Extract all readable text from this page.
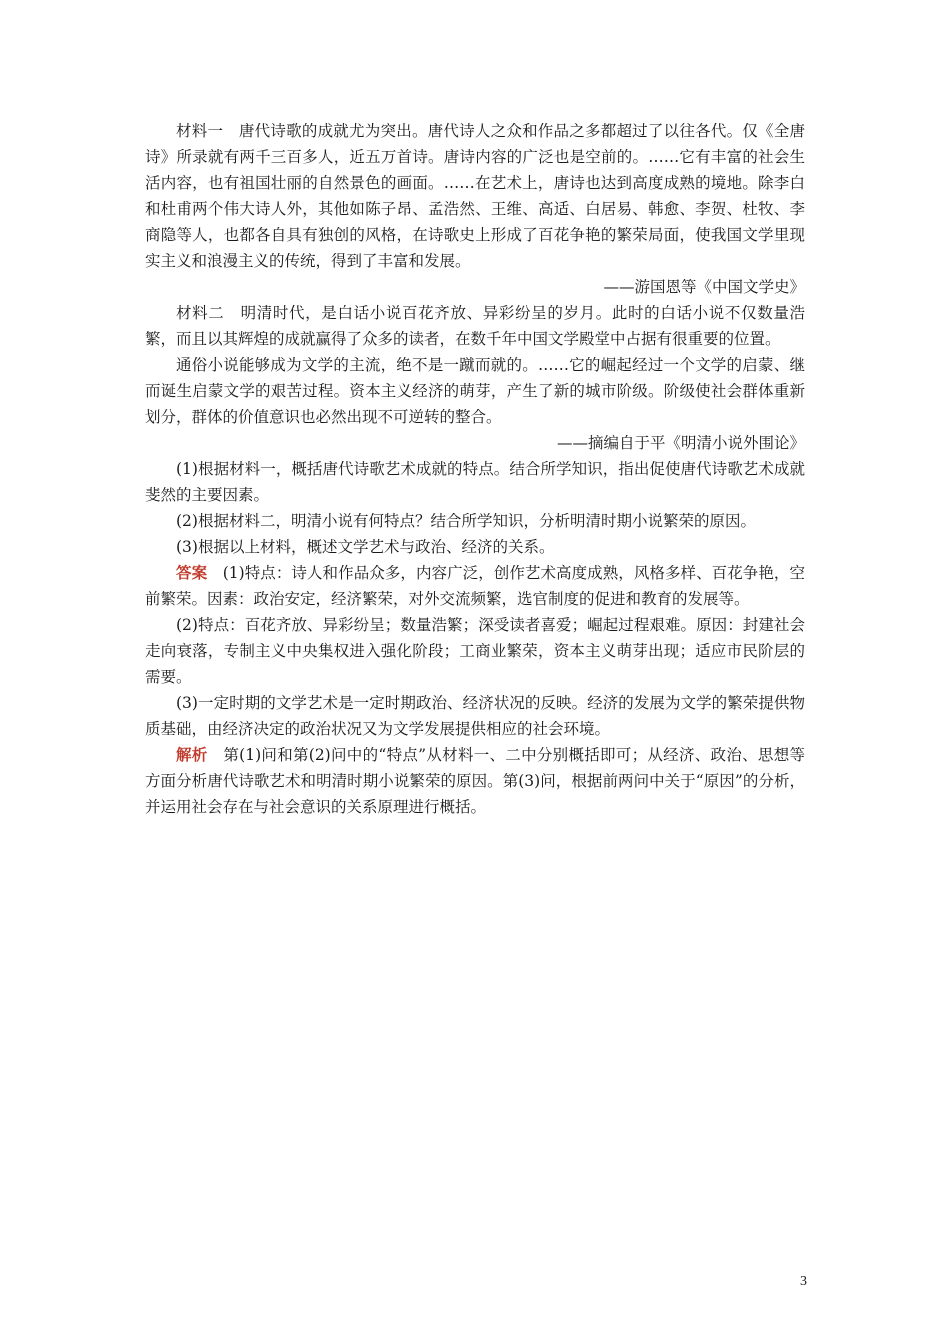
材料一　唐代诗歌的成就尤为突出。唐代诗人之众和作品之多都超过了以往各代。仅《全唐诗》所录就有两千三百多人，近五万首诗。唐诗内容的广泛也是空前的。……它有丰富的社会生活内容，也有祖国壮丽的自然景色的画面。……在艺术上，唐诗也达到高度成熟的境地。除李白和杜甫两个伟大诗人外，其他如陈子昂、孟浩然、王维、高适、白居易、韩愈、李贺、杜牧、李商隐等人，也都各自具有独创的风格，在诗歌史上形成了百花争艳的繁荣局面，使我国文学里现实主义和浪漫主义的传统，得到了丰富和发展。

——游国恩等《中国文学史》

材料二　明清时代，是白话小说百花齐放、异彩纷呈的岁月。此时的白话小说不仅数量浩繁，而且以其辉煌的成就赢得了众多的读者，在数千年中国文学殿堂中占据有很重要的位置。

通俗小说能够成为文学的主流，绝不是一蹴而就的。……它的崛起经过一个文学的启蒙、继而诞生启蒙文学的艰苦过程。资本主义经济的萌芽，产生了新的城市阶级。阶级使社会群体重新划分，群体的价值意识也必然出现不可逆转的整合。

——摘编自于平《明清小说外围论》

(1)根据材料一，概括唐代诗歌艺术成就的特点。结合所学知识，指出促使唐代诗歌艺术成就斐然的主要因素。

(2)根据材料二，明清小说有何特点？结合所学知识，分析明清时期小说繁荣的原因。

(3)根据以上材料，概述文学艺术与政治、经济的关系。

答案　 (1)特点：诗人和作品众多，内容广泛，创作艺术高度成熟，风格多样、百花争艳，空前繁荣。因素：政治安定，经济繁荣，对外交流频繁，选官制度的促进和教育的发展等。

(2)特点：百花齐放、异彩纷呈；数量浩繁；深受读者喜爱；崛起过程艰难。原因：封建社会走向衰落，专制主义中央集权进入强化阶段；工商业繁荣，资本主义萌芽出现；适应市民阶层的需要。

(3)一定时期的文学艺术是一定时期政治、经济状况的反映。经济的发展为文学的繁荣提供物质基础，由经济决定的政治状况又为文学发展提供相应的社会环境。

解析　 第(1)问和第(2)问中的“特点”从材料一、二中分别概括即可；从经济、政治、思想等方面分析唐代诗歌艺术和明清时期小说繁荣的原因。第(3)问，根据前两问中关于“原因”的分析，并运用社会存在与社会意识的关系原理进行概括。

3
